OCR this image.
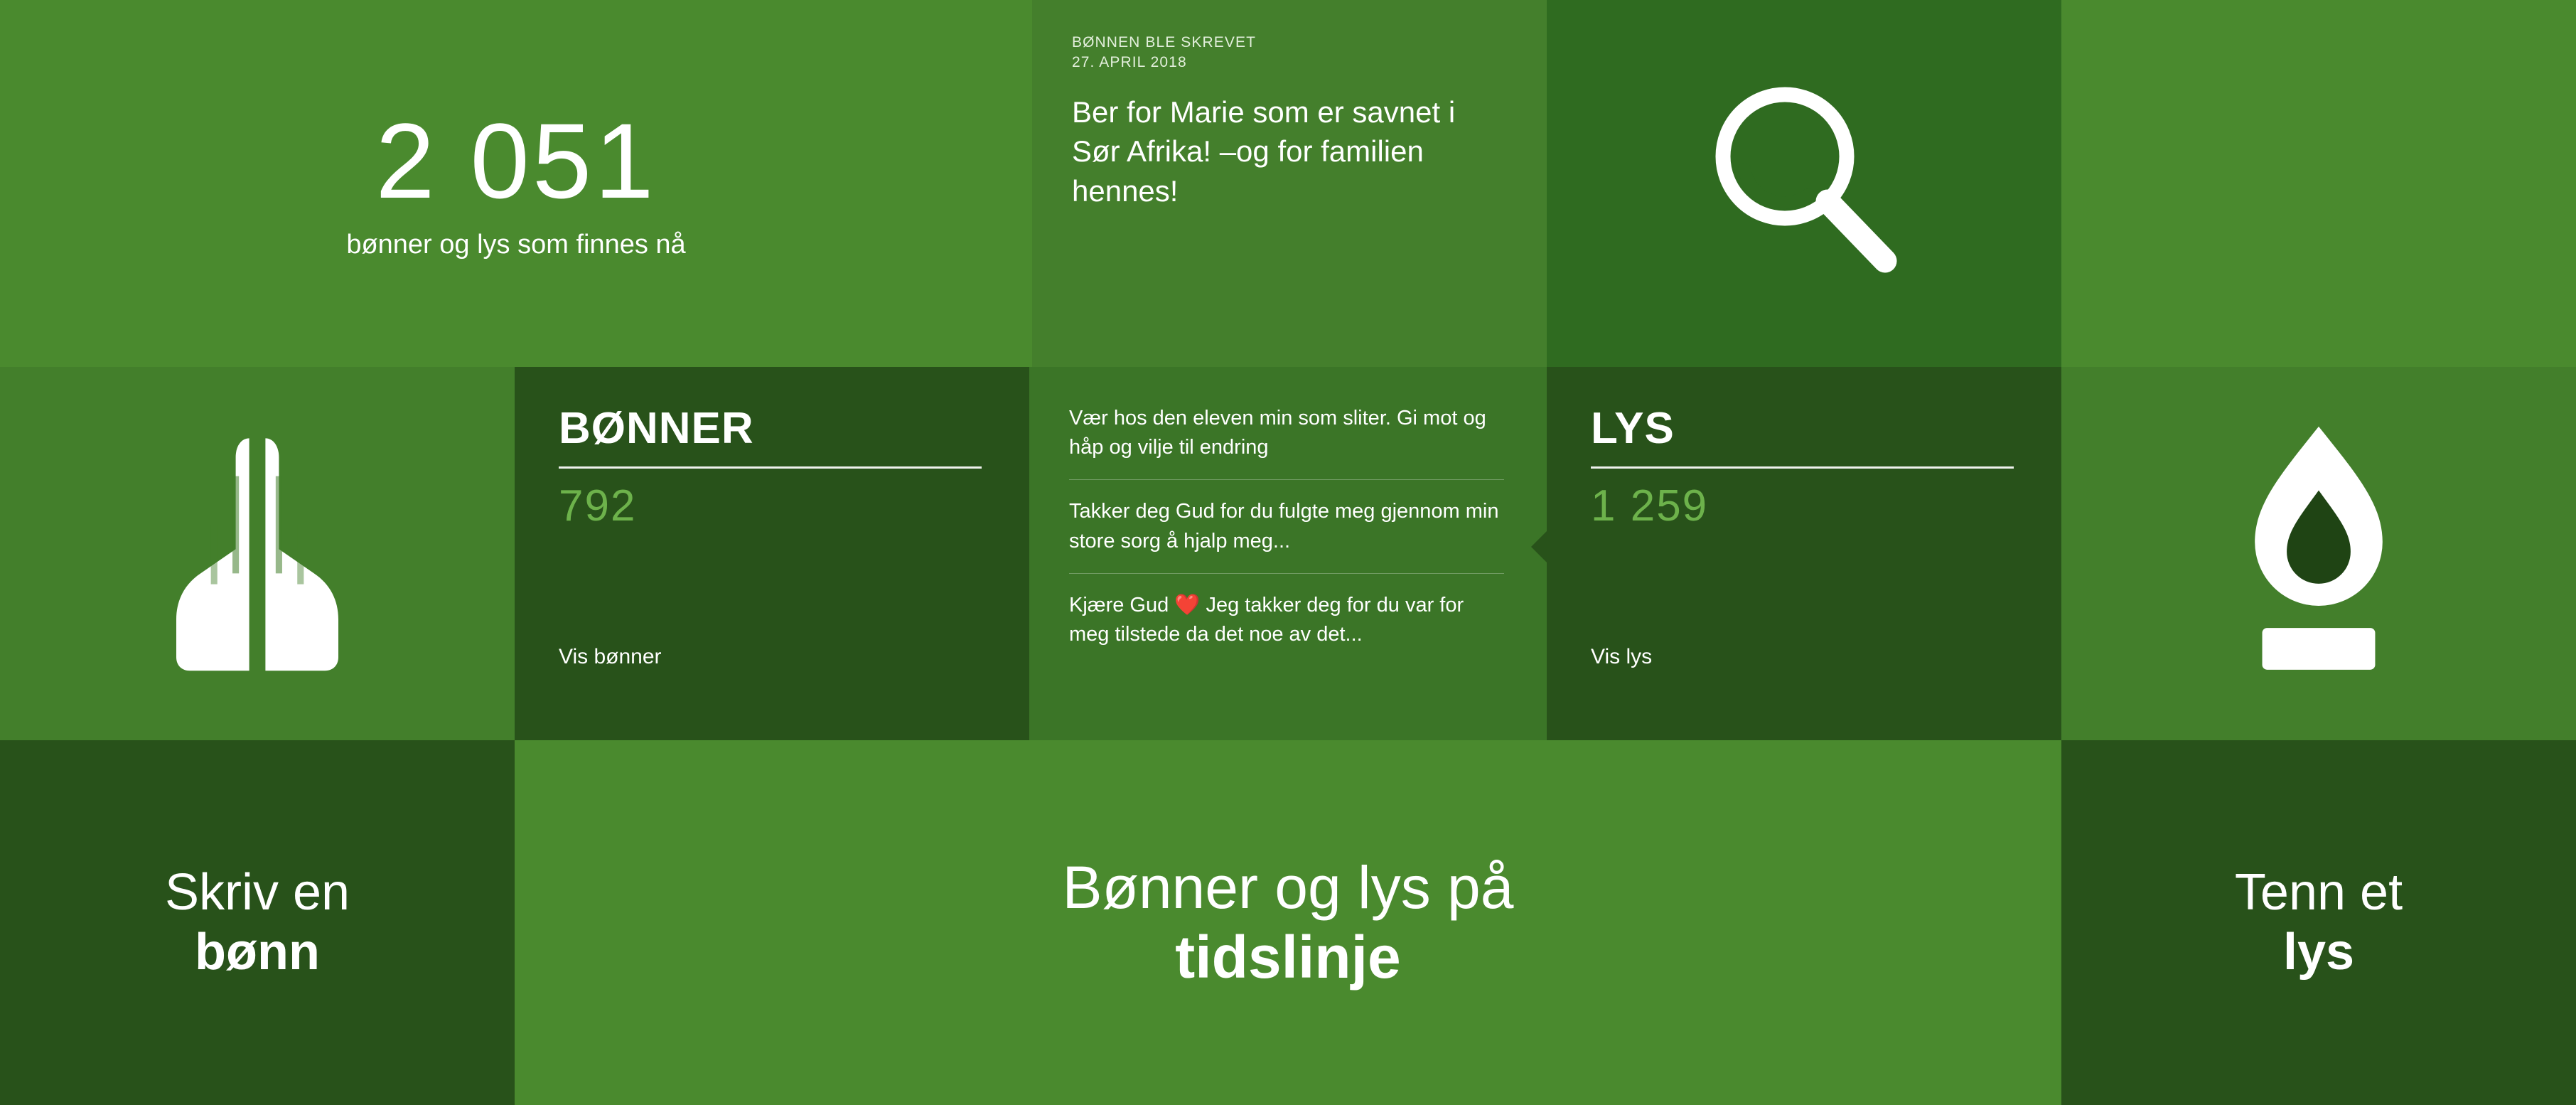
2 051
bønner og lys som finnes nå
BØNNEN BLE SKREVET
27. APRIL 2018
Ber for Marie som er savnet i Sør Afrika! –og for familien hennes!
BØNNER
792
Vis bønner
Vær hos den eleven min som sliter. Gi mot og håp og vilje til endring
Takker deg Gud for du fulgte meg gjennom min store sorg å hjalp meg...
Kjære Gud ❤️ Jeg takker deg for du var for meg tilstede da det noe av det...
LYS
1 259
Vis lys
Skriv en
bønn
Bønner og lys på
tidslinje
Tenn et
lys
